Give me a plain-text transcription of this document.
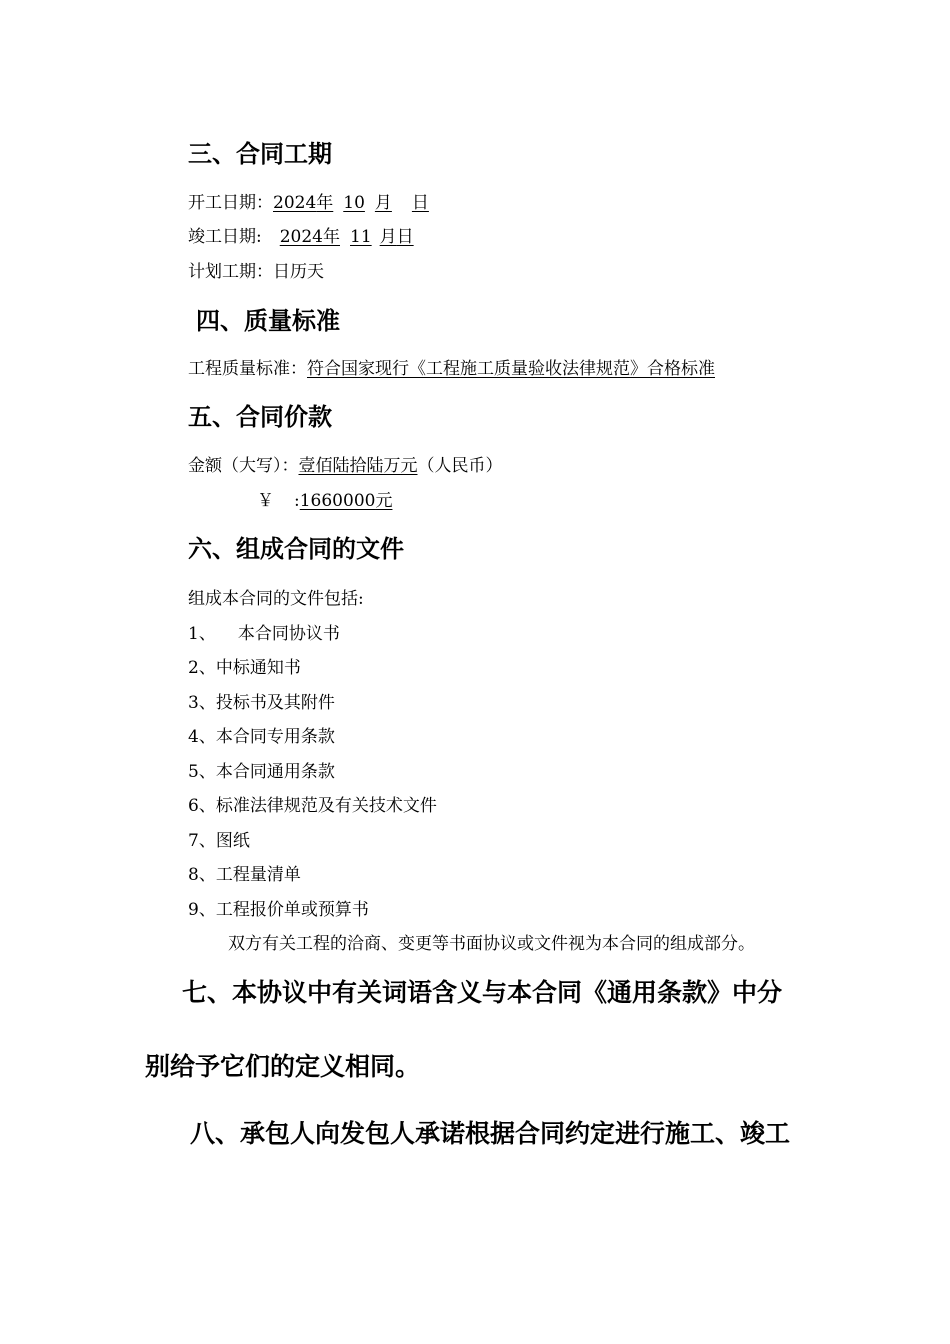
三、合同工期
开工日期：2024年 10 月 日
竣工日期: 2024年 11 月日
计划工期：日历天
四、质量标准
工程质量标准：符合国家现行《工程施工质量验收法律规范》合格标准
五、合同价款
金额（大写）：壹佰陆拾陆万元（人民币）
￥ :1660000元
六、组成合同的文件
组成本合同的文件包括:
1、 本合同协议书
2、中标通知书
3、投标书及其附件
4、本合同专用条款
5、本合同通用条款
6、标准法律规范及有关技术文件
7、图纸
8、工程量清单
9、工程报价单或预算书
双方有关工程的洽商、变更等书面协议或文件视为本合同的组成部分。
七、本协议中有关词语含义与本合同《通用条款》中分
别给予它们的定义相同。
八、承包人向发包人承诺根据合同约定进行施工、竣工
